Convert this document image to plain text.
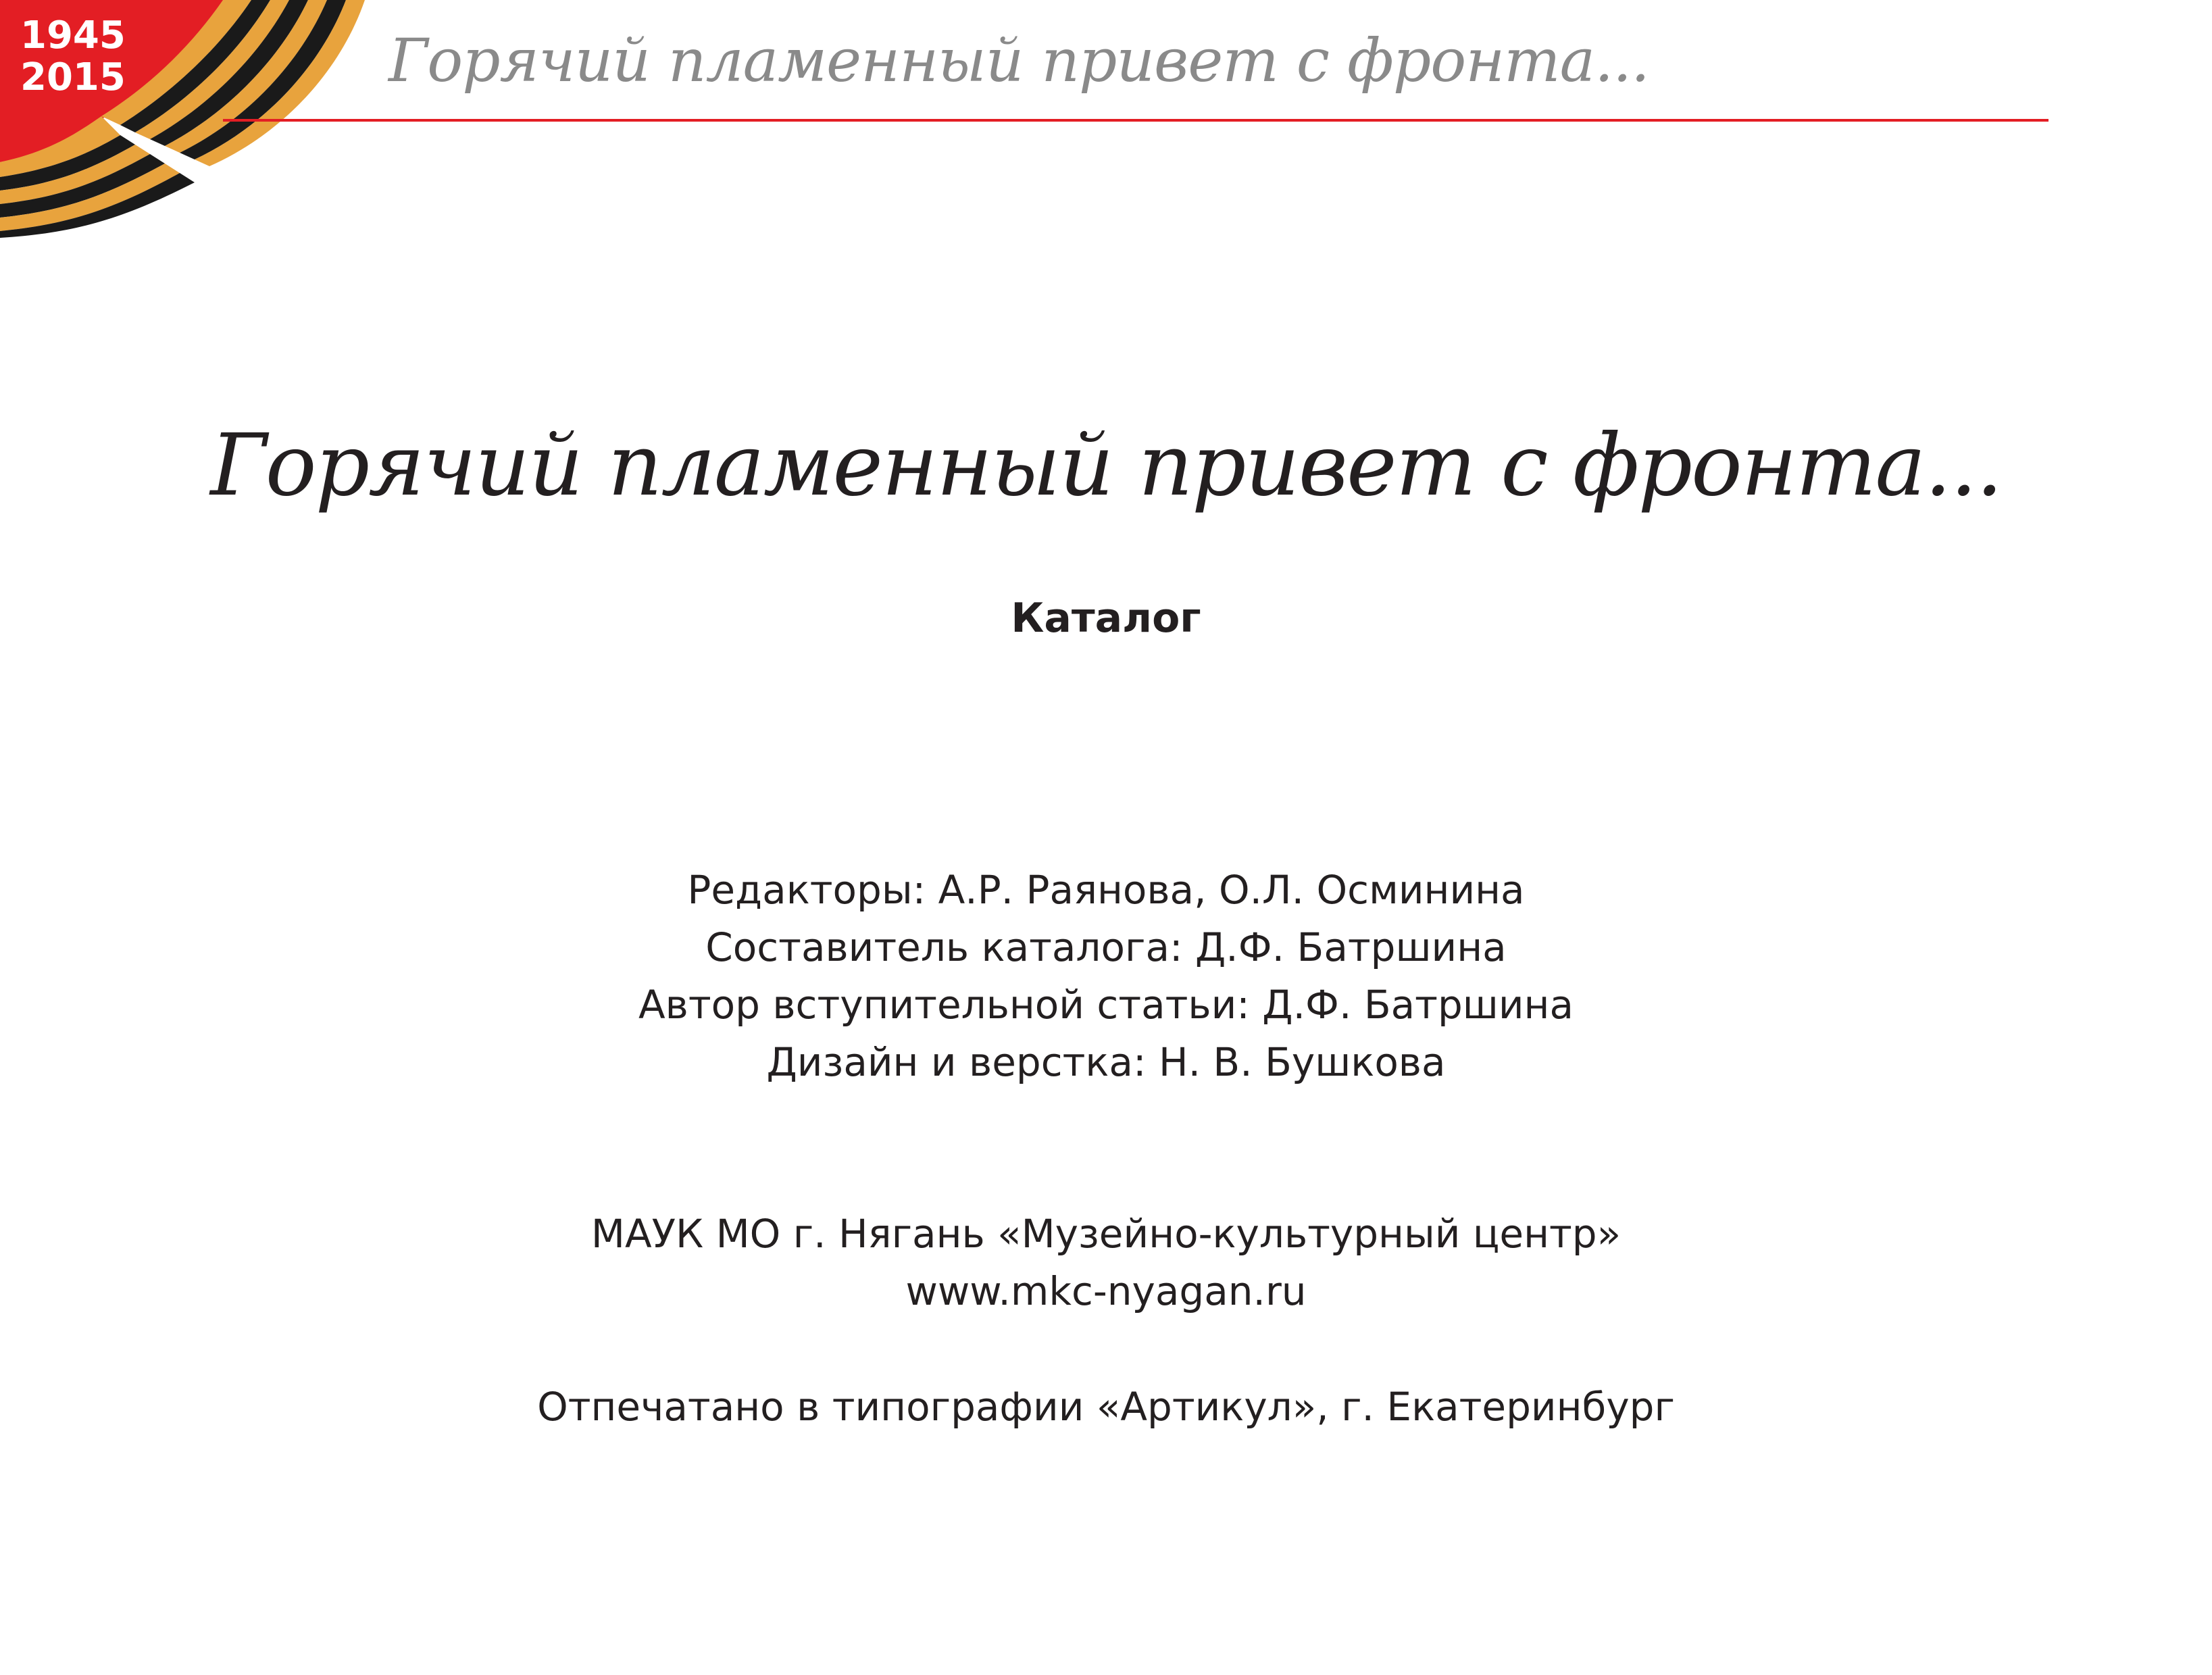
1945
2015	Горячий пламенный привет с фронта...
Горячий пламенный привет с фронта...
Каталог
Редакторы: А.Р. Раянова, О.Л. Осминина
Составитель каталога: Д.Ф. Батршина
Автор вступительной статьи: Д.Ф. Батршина
Дизайн и верстка: Н. В. Бушкова
МАУК МО г. Нягань «Музейно-культурный центр»
www.mkc-nyagan.ru
Отпечатано в типографии «Артикул», г. Екатеринбург
